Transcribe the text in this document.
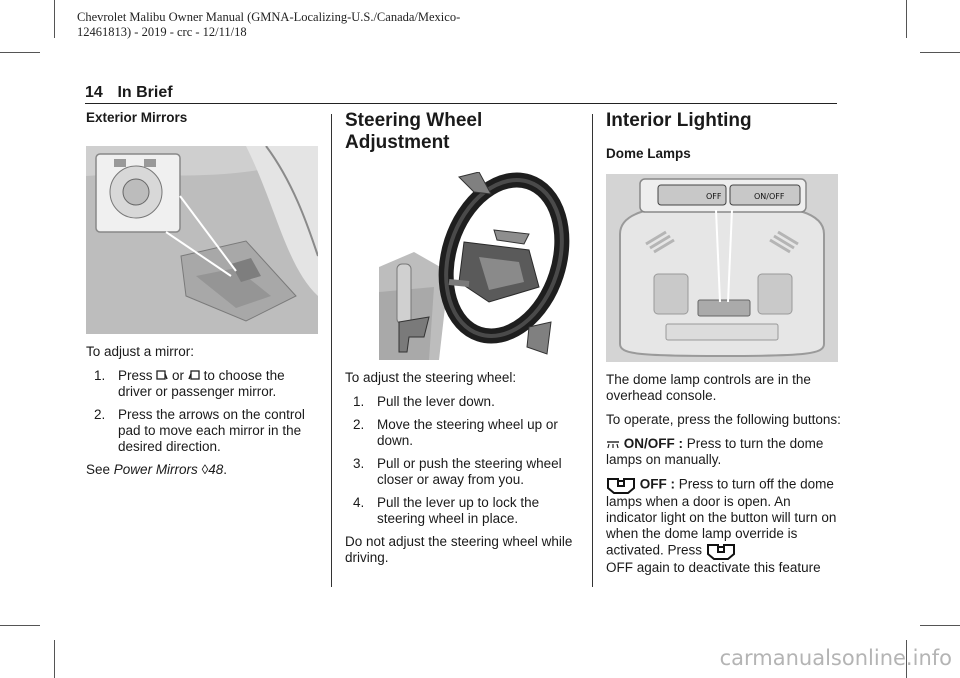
Chevrolet Malibu Owner Manual (GMNA-Localizing-U.S./Canada/Mexico-
12461813) - 2019 - crc - 12/11/18
14 In Brief
Exterior Mirrors

To adjust a mirror:

1. Press or to choose the driver or passenger mirror.
2. Press the arrows on the control pad to move each mirror in the desired direction.

See Power Mirrors ◊48.

Steering Wheel
Adjustment

To adjust the steering wheel:

1. Pull the lever down.
2. Move the steering wheel up or down.
3. Pull or push the steering wheel closer or away from you.
4. Pull the lever up to lock the steering wheel in place.

Do not adjust the steering wheel while driving.

Interior Lighting
Dome Lamps
OFF	ON/OFF

The dome lamp controls are in the overhead console.

To operate, press the following buttons:

ON/OFF : Press to turn the dome lamps on manually.

OFF : Press to turn off the dome lamps when a door is open. An indicator light on the button will turn on when the dome lamp override is activated. Press
OFF again to deactivate this feature

carmanualsonline.info
